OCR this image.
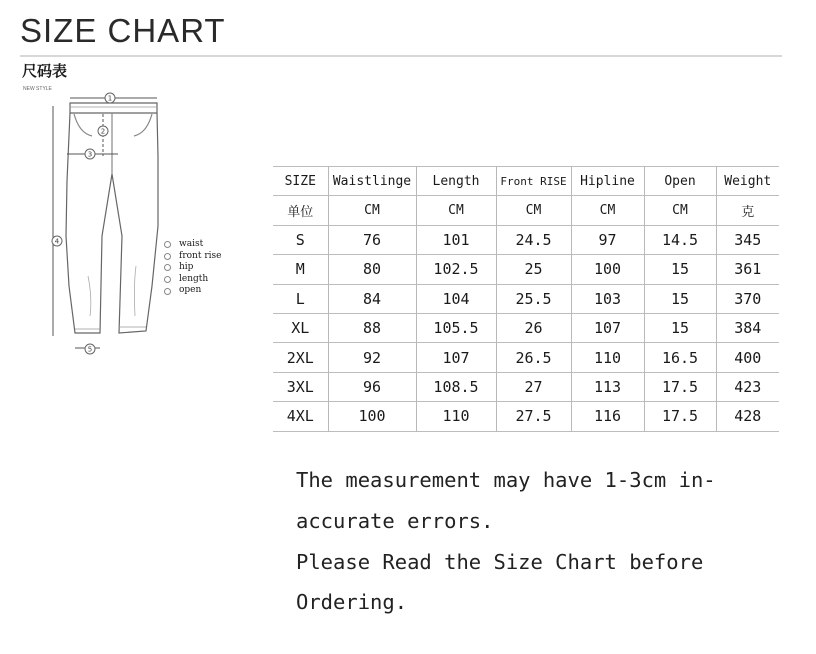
SIZE CHART
尺码表
NEW STYLE
1
2
3
4
5
waist
front rise
hip
length
open
SIZE	Waistlinge	Length	Front RISE	Hipline	Open	Weight
单位	CM	CM	CM	CM	CM	克
S	76	101	24.5	97	14.5	345
M	80	102.5	25	100	15	361
L	84	104	25.5	103	15	370
XL	88	105.5	26	107	15	384
2XL	92	107	26.5	110	16.5	400
3XL	96	108.5	27	113	17.5	423
4XL	100	110	27.5	116	17.5	428
The measurement may have 1-3cm in-
accurate errors.
Please Read the Size Chart before
Ordering.
